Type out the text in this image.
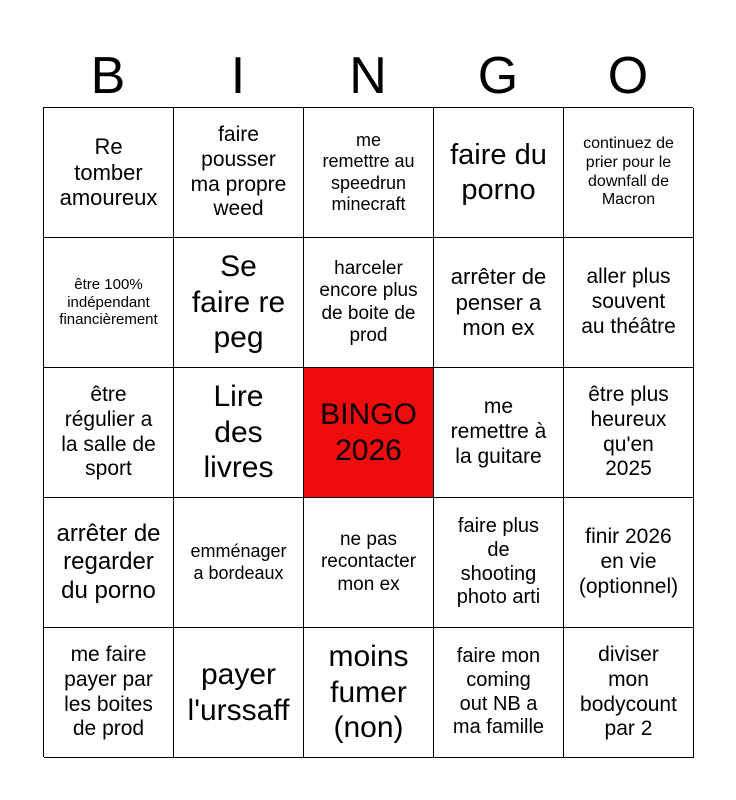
B	I	N	G	O
Re
tomber
amoureux
faire
pousser
ma propre
weed
me
remettre au
speedrun
minecraft
faire du
porno
continuez de
prier pour le
downfall de
Macron
être 100%
indépendant
financièrement
Se
faire re
peg
harceler
encore plus
de boite de
prod
arrêter de
penser a
mon ex
aller plus
souvent
au théâtre
être
régulier a
la salle de
sport
Lire
des
livres
BINGO
2026
me
remettre à
la guitare
être plus
heureux
qu'en
2025
arrêter de
regarder
du porno
emménager
a bordeaux
ne pas
recontacter
mon ex
faire plus
de
shooting
photo arti
finir 2026
en vie
(optionnel)
me faire
payer par
les boites
de prod
payer
l'urssaff
moins
fumer
(non)
faire mon
coming
out NB a
ma famille
diviser
mon
bodycount
par 2
